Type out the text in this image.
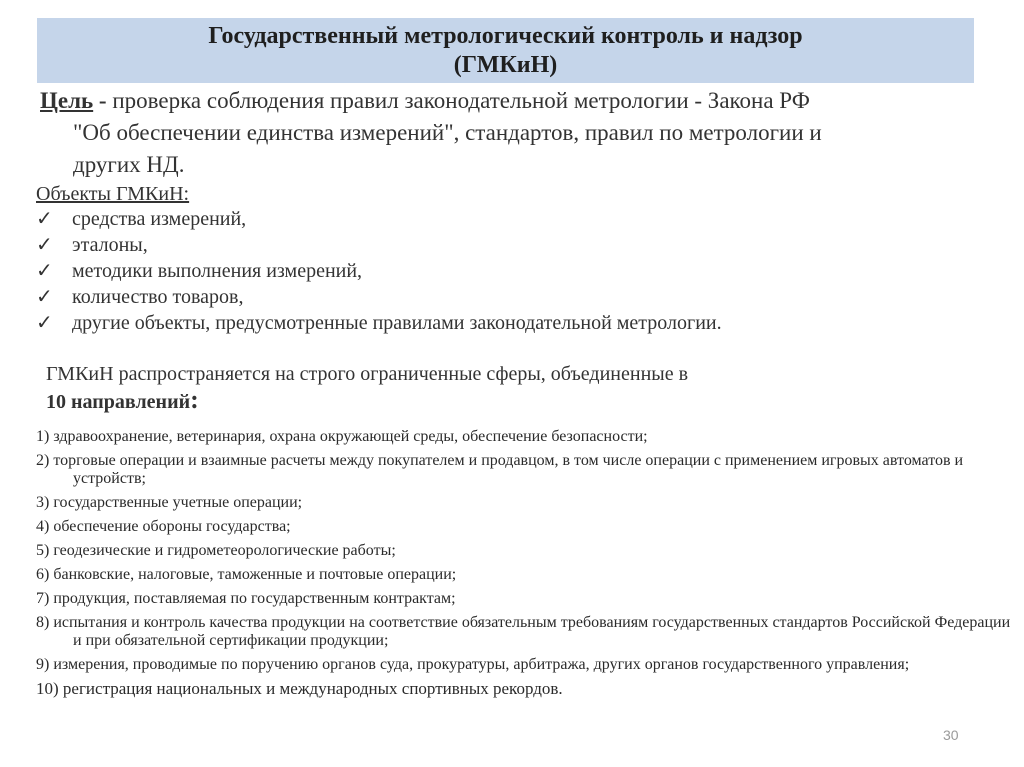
Государственный метрологический контроль и надзор
(ГМКиН)
Цель - проверка соблюдения правил законодательной метрологии - Закона РФ
"Об обеспечении единства измерений", стандартов, правил по метрологии и
других НД.
Объекты ГМКиН:
✓ средства измерений,
✓ эталоны,
✓ методики выполнения измерений,
✓ количество товаров,
✓ другие объекты, предусмотренные правилами законодательной метрологии.
ГМКиН распространяется на строго ограниченные сферы, объединенные в
10 направлений:
1) здравоохранение, ветеринария, охрана окружающей среды, обеспечение безопасности;
2) торговые операции и взаимные расчеты между покупателем и продавцом, в том числе операции с применением игровых автоматов и устройств;
3) государственные учетные операции;
4) обеспечение обороны государства;
5) геодезические и гидрометеорологические работы;
6) банковские, налоговые, таможенные и почтовые операции;
7) продукция, поставляемая по государственным контрактам;
8) испытания и контроль качества продукции на соответствие обязательным требованиям государственных стандартов Российской Федерации и при обязательной сертификации продукции;
9) измерения, проводимые по поручению органов суда, прокуратуры, арбитража, других органов государственного управления;
10) регистрация национальных и международных спортивных рекордов.
30
